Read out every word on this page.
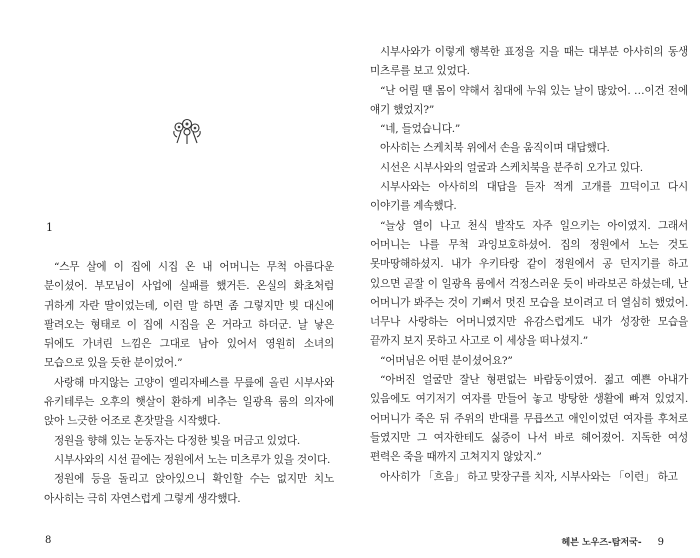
1

“스무 살에 이 집에 시집 온 내 어머니는 무척 아름다운 분이셨어. 부모님이 사업에 실패를 했거든. 온실의 화초처럼 귀하게 자란 딸이었는데, 이런 말 하면 좀 그렇지만 빚 대신에 팔려오는 형태로 이 집에 시집을 온 거라고 하더군. 날 낳은 뒤에도 가녀린 느낌은 그대로 남아 있어서 영원히 소녀의 모습으로 있을 듯한 분이었어.”

사랑해 마지않는 고양이 엘리자베스를 무릎에 올린 시부사와 유키테루는 오후의 햇살이 환하게 비추는 일광욕 룸의 의자에 앉아 느긋한 어조로 혼잣말을 시작했다.

정원을 향해 있는 눈동자는 다정한 빛을 머금고 있었다.

시부사와의 시선 끝에는 정원에서 노는 미츠루가 있을 것이다.

정원에 등을 돌리고 앉아있으니 확인할 수는 없지만 치노 아사히는 극히 자연스럽게 그렇게 생각했다.

8

시부사와가 이렇게 행복한 표정을 지을 때는 대부분 아사히의 동생 미츠루를 보고 있었다.

“난 어릴 땐 몸이 약해서 침대에 누워 있는 날이 많았어. …이건 전에 얘기 했었지?”

“네, 들었습니다.”

아사히는 스케치북 위에서 손을 움직이며 대답했다.

시선은 시부사와의 얼굴과 스케치북을 분주히 오가고 있다.

시부사와는 아사히의 대답을 듣자 적게 고개를 끄덕이고 다시 이야기를 계속했다.

“늘상 열이 나고 천식 발작도 자주 일으키는 아이였지. 그래서 어머니는 나를 무척 과잉보호하셨어. 집의 정원에서 노는 것도 못마땅해하셨지. 내가 우키타랑 같이 정원에서 공 던지기를 하고 있으면 곧잘 이 일광욕 룸에서 걱정스러운 듯이 바라보곤 하셨는데, 난 어머니가 봐주는 것이 기뻐서 멋진 모습을 보이려고 더 열심히 했었어. 너무나 사랑하는 어머니였지만 유감스럽게도 내가 성장한 모습을 끝까지 보지 못하고 사고로 이 세상을 떠나셨지.”

“어머님은 어떤 분이셨어요?”

“아버진 얼굴만 잘난 형편없는 바람둥이였어. 젊고 예쁜 아내가 있음에도 여기저기 여자를 만들어 놓고 방탕한 생활에 빠져 있었지. 어머니가 죽은 뒤 주위의 반대를 무릅쓰고 애인이었던 여자를 후처로 들였지만 그 여자한테도 싫증이 나서 바로 헤어졌어. 지독한 여성 편력은 죽을 때까지 고쳐지지 않았지.”

아사히가 「흐음」 하고 맞장구를 치자, 시부사와는 「이런」 하고

헤븐 노우즈-탐저국- 9
